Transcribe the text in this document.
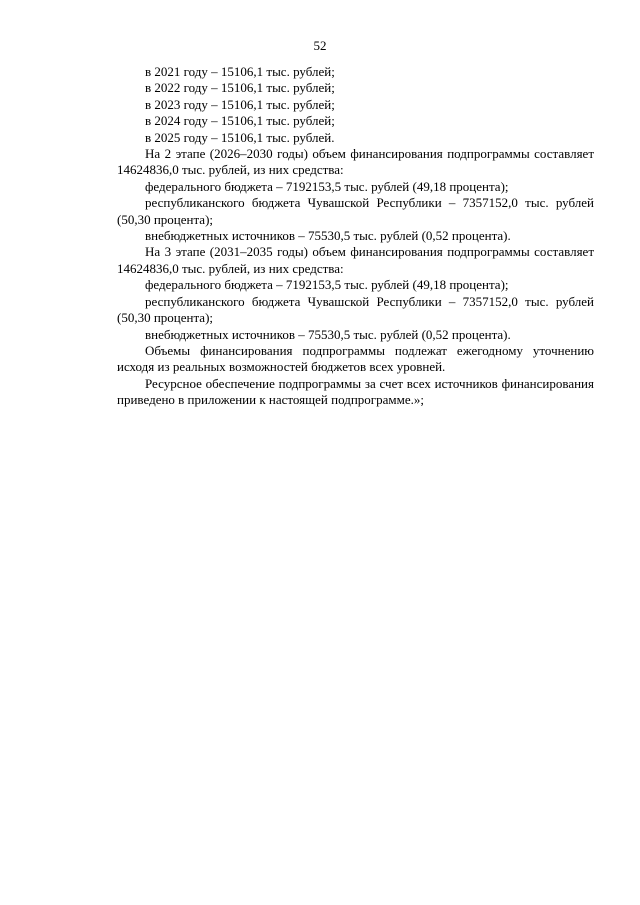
52

в 2021 году – 15106,1 тыс. рублей;

в 2022 году – 15106,1 тыс. рублей;

в 2023 году – 15106,1 тыс. рублей;

в 2024 году – 15106,1 тыс. рублей;

в 2025 году – 15106,1 тыс. рублей.

На 2 этапе (2026–2030 годы) объем финансирования подпрограммы составляет 14624836,0 тыс. рублей, из них средства:

федерального бюджета – 7192153,5 тыс. рублей (49,18 процента);

республиканского бюджета Чувашской Республики – 7357152,0 тыс. рублей (50,30 процента);

внебюджетных источников – 75530,5 тыс. рублей (0,52 процента).

На 3 этапе (2031–2035 годы) объем финансирования подпрограммы составляет 14624836,0 тыс. рублей, из них средства:

федерального бюджета – 7192153,5 тыс. рублей (49,18 процента);

республиканского бюджета Чувашской Республики – 7357152,0 тыс. рублей (50,30 процента);

внебюджетных источников – 75530,5 тыс. рублей (0,52 процента).

Объемы финансирования подпрограммы подлежат ежегодному уточнению исходя из реальных возможностей бюджетов всех уровней.

Ресурсное обеспечение подпрограммы за счет всех источников финансирования приведено в приложении к настоящей подпрограмме.»;
